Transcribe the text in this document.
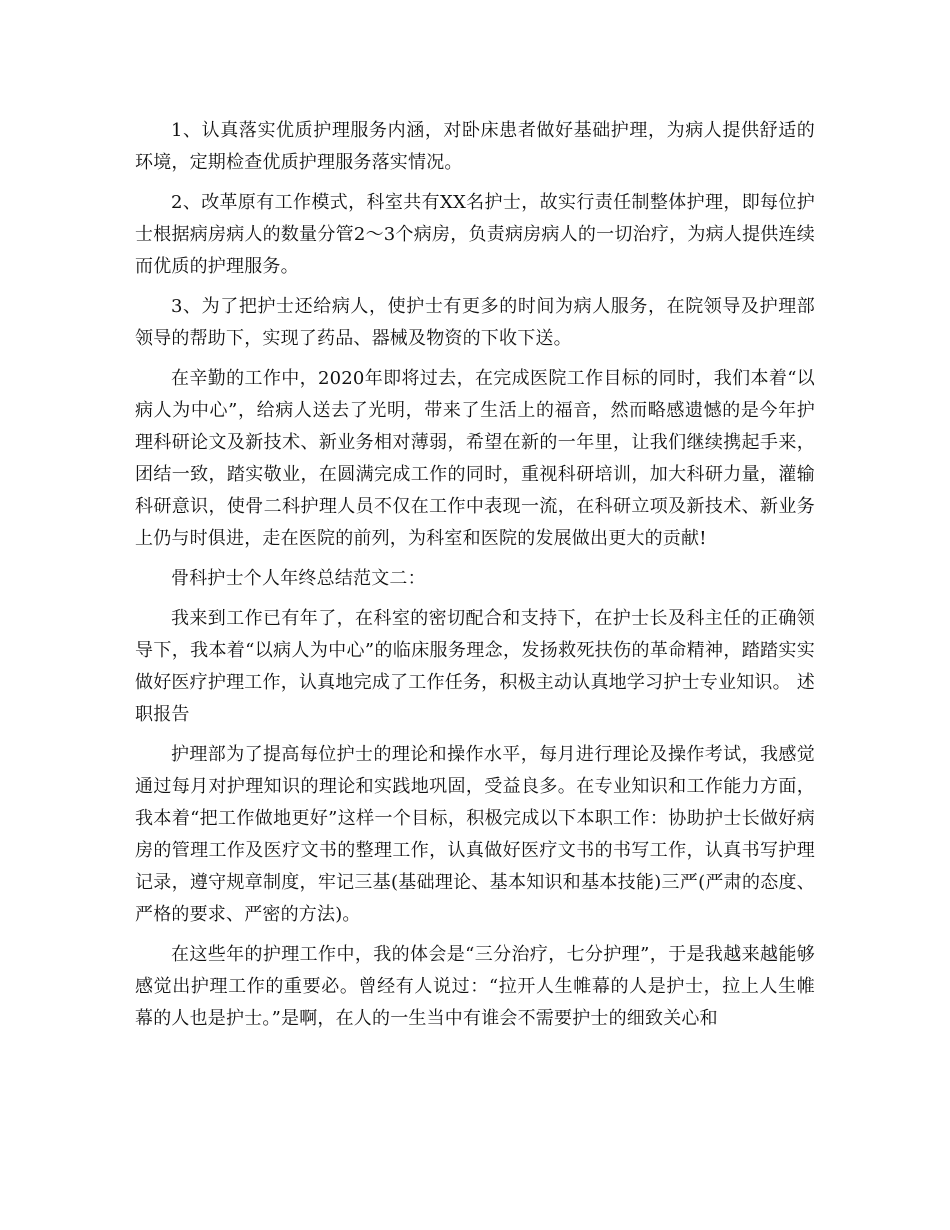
1、认真落实优质护理服务内涵，对卧床患者做好基础护理，为病人提供舒适的环境，定期检查优质护理服务落实情况。

2、改革原有工作模式，科室共有XX名护士，故实行责任制整体护理，即每位护士根据病房病人的数量分管2～3个病房，负责病房病人的一切治疗，为病人提供连续而优质的护理服务。

3、为了把护士还给病人，使护士有更多的时间为病人服务，在院领导及护理部领导的帮助下，实现了药品、器械及物资的下收下送。

在辛勤的工作中，2020年即将过去，在完成医院工作目标的同时，我们本着“以病人为中心”，给病人送去了光明，带来了生活上的福音，然而略感遗憾的是今年护理科研论文及新技术、新业务相对薄弱，希望在新的一年里，让我们继续携起手来，团结一致，踏实敬业，在圆满完成工作的同时，重视科研培训，加大科研力量，灌输科研意识，使骨二科护理人员不仅在工作中表现一流，在科研立项及新技术、新业务上仍与时俱进，走在医院的前列，为科室和医院的发展做出更大的贡献!

骨科护士个人年终总结范文二：

我来到工作已有年了，在科室的密切配合和支持下，在护士长及科主任的正确领导下，我本着“以病人为中心”的临床服务理念，发扬救死扶伤的革命精神，踏踏实实做好医疗护理工作，认真地完成了工作任务，积极主动认真地学习护士专业知识。 述职报告

护理部为了提高每位护士的理论和操作水平，每月进行理论及操作考试，我感觉通过每月对护理知识的理论和实践地巩固，受益良多。在专业知识和工作能力方面，我本着“把工作做地更好”这样一个目标，积极完成以下本职工作：协助护士长做好病房的管理工作及医疗文书的整理工作，认真做好医疗文书的书写工作，认真书写护理记录，遵守规章制度，牢记三基(基础理论、基本知识和基本技能)三严(严肃的态度、严格的要求、严密的方法)。

在这些年的护理工作中，我的体会是“三分治疗，七分护理”，于是我越来越能够感觉出护理工作的重要必。曾经有人说过：“拉开人生帷幕的人是护士，拉上人生帷幕的人也是护士。”是啊，在人的一生当中有谁会不需要护士的细致关心和
